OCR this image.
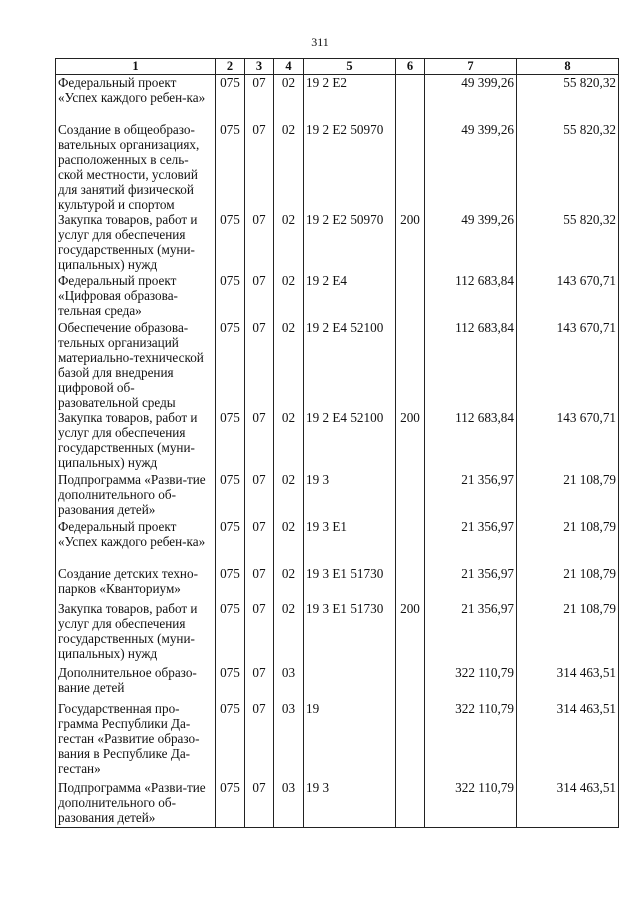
311
1	2	3	4	5	6	7	8
Федеральный проект «Успех каждого ребен-ка»	075	07	02	19 2 E2		49 399,26	55 820,32
Создание в общеобразо-вательных организациях, расположенных в сель-ской местности, условий для занятий физической культурой и спортом	075	07	02	19 2 E2 50970		49 399,26	55 820,32
Закупка товаров, работ и услуг для обеспечения государственных (муни-ципальных) нужд	075	07	02	19 2 E2 50970	200	49 399,26	55 820,32
Федеральный проект «Цифровая образова-тельная среда»	075	07	02	19 2 E4		112 683,84	143 670,71
Обеспечение образова-тельных организаций материально-технической базой для внедрения цифровой об-разовательной среды	075	07	02	19 2 E4 52100		112 683,84	143 670,71
Закупка товаров, работ и услуг для обеспечения государственных (муни-ципальных) нужд	075	07	02	19 2 E4 52100	200	112 683,84	143 670,71
Подпрограмма «Разви-тие дополнительного об-разования детей»	075	07	02	19 3		21 356,97	21 108,79
Федеральный проект «Успех каждого ребен-ка»	075	07	02	19 3 E1		21 356,97	21 108,79
Создание детских техно-парков «Кванториум»	075	07	02	19 3 E1 51730		21 356,97	21 108,79
Закупка товаров, работ и услуг для обеспечения государственных (муни-ципальных) нужд	075	07	02	19 3 E1 51730	200	21 356,97	21 108,79
Дополнительное образо-вание детей	075	07	03			322 110,79	314 463,51
Государственная про-грамма Республики Да-гестан «Развитие образо-вания в Республике Да-гестан»	075	07	03	19		322 110,79	314 463,51
Подпрограмма «Разви-тие дополнительного об-разования детей»	075	07	03	19 3		322 110,79	314 463,51
